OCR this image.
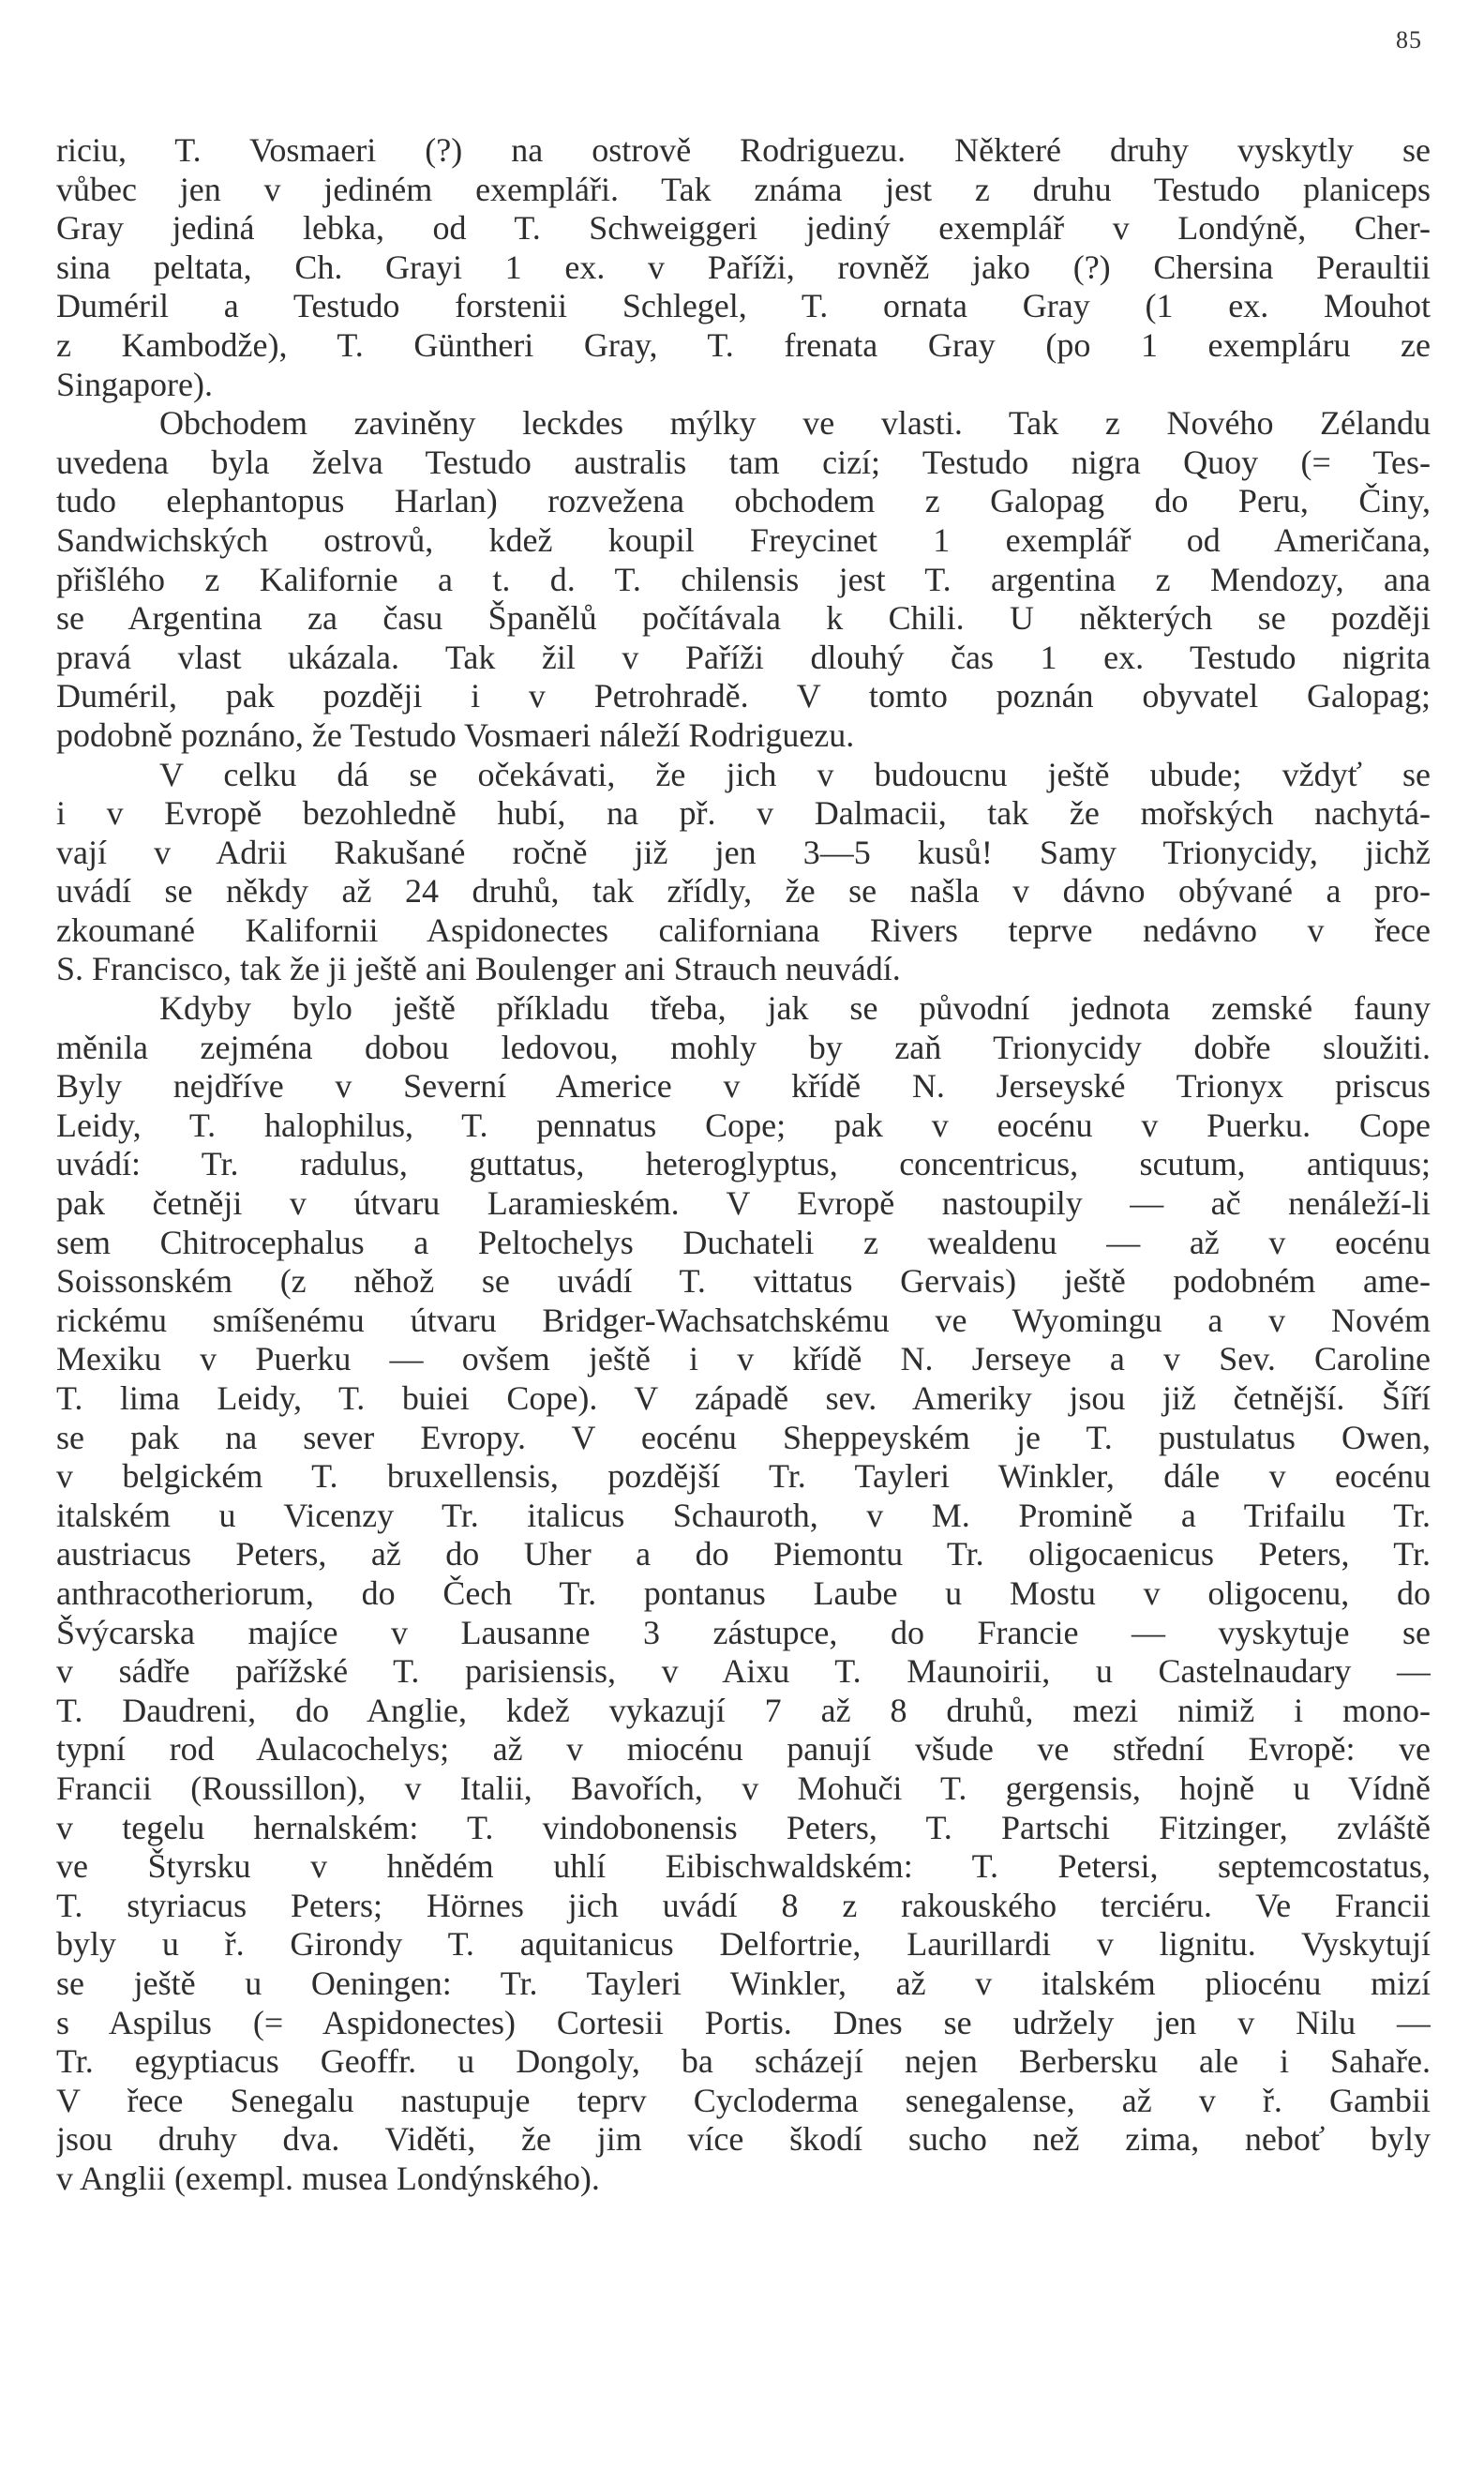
85
riciu, T. Vosmaeri (?) na ostrově Rodriguezu. Některé druhy vyskytly se
vůbec jen v jediném exempláři. Tak známa jest z druhu Testudo planiceps
Gray jediná lebka, od T. Schweiggeri jediný exemplář v Londýně, Cher-
sina peltata, Ch. Grayi 1 ex. v Paříži, rovněž jako (?) Chersina Peraultii
Duméril a Testudo forstenii Schlegel, T. ornata Gray (1 ex. Mouhot
z Kambodže), T. Güntheri Gray, T. frenata Gray (po 1 exempláru ze
Singapore).
Obchodem zaviněny leckdes mýlky ve vlasti. Tak z Nového Zélandu
uvedena byla želva Testudo australis tam cizí; Testudo nigra Quoy (= Tes-
tudo elephantopus Harlan) rozvežena obchodem z Galopag do Peru, Činy,
Sandwichských ostrovů, kdež koupil Freycinet 1 exemplář od Američana,
přišlého z Kalifornie a t. d. T. chilensis jest T. argentina z Mendozy, ana
se Argentina za času Španělů počítávala k Chili. U některých se později
pravá vlast ukázala. Tak žil v Paříži dlouhý čas 1 ex. Testudo nigrita
Duméril, pak později i v Petrohradě. V tomto poznán obyvatel Galopag;
podobně poznáno, že Testudo Vosmaeri náleží Rodriguezu.
V celku dá se očekávati, že jich v budoucnu ještě ubude; vždyť se
i v Evropě bezohledně hubí, na př. v Dalmacii, tak že mořských nachytá-
vají v Adrii Rakušané ročně již jen 3—5 kusů! Samy Trionycidy, jichž
uvádí se někdy až 24 druhů, tak zřídly, že se našla v dávno obývané a pro-
zkoumané Kalifornii Aspidonectes californiana Rivers teprve nedávno v řece
S. Francisco, tak že ji ještě ani Boulenger ani Strauch neuvádí.
Kdyby bylo ještě příkladu třeba, jak se původní jednota zemské fauny
měnila zejména dobou ledovou, mohly by zaň Trionycidy dobře sloužiti.
Byly nejdříve v Severní Americe v křídě N. Jerseyské Trionyx priscus
Leidy, T. halophilus, T. pennatus Cope; pak v eocénu v Puerku. Cope
uvádí: Tr. radulus, guttatus, heteroglyptus, concentricus, scutum, antiquus;
pak četněji v útvaru Laramieském. V Evropě nastoupily — ač nenáleží-li
sem Chitrocephalus a Peltochelys Duchateli z wealdenu — až v eocénu
Soissonském (z něhož se uvádí T. vittatus Gervais) ještě podobném ame-
rickému smíšenému útvaru Bridger-Wachsatchskému ve Wyomingu a v Novém
Mexiku v Puerku — ovšem ještě i v křídě N. Jerseye a v Sev. Caroline
T. lima Leidy, T. buiei Cope). V západě sev. Ameriky jsou již četnější. Šíří
se pak na sever Evropy. V eocénu Sheppeyském je T. pustulatus Owen,
v belgickém T. bruxellensis, pozdější Tr. Tayleri Winkler, dále v eocénu
italském u Vicenzy Tr. italicus Schauroth, v M. Promině a Trifailu Tr.
austriacus Peters, až do Uher a do Piemontu Tr. oligocaenicus Peters, Tr.
anthracotheriorum, do Čech Tr. pontanus Laube u Mostu v oligocenu, do
Švýcarska majíce v Lausanne 3 zástupce, do Francie — vyskytuje se
v sádře pařížské T. parisiensis, v Aixu T. Maunoirii, u Castelnaudary —
T. Daudreni, do Anglie, kdež vykazují 7 až 8 druhů, mezi nimiž i mono-
typní rod Aulacochelys; až v miocénu panují všude ve střední Evropě: ve
Francii (Roussillon), v Italii, Bavořích, v Mohuči T. gergensis, hojně u Vídně
v tegelu hernalském: T. vindobonensis Peters, T. Partschi Fitzinger, zvláště
ve Štyrsku v hnědém uhlí Eibischwaldském: T. Petersi, septemcostatus,
T. styriacus Peters; Hörnes jich uvádí 8 z rakouského terciéru. Ve Francii
byly u ř. Girondy T. aquitanicus Delfortrie, Laurillardi v lignitu. Vyskytují
se ještě u Oeningen: Tr. Tayleri Winkler, až v italském pliocénu mizí
s Aspilus (= Aspidonectes) Cortesii Portis. Dnes se udržely jen v Nilu —
Tr. egyptiacus Geoffr. u Dongoly, ba scházejí nejen Berbersku ale i Sahaře.
V řece Senegalu nastupuje teprv Cycloderma senegalense, až v ř. Gambii
jsou druhy dva. Viděti, že jim více škodí sucho než zima, neboť byly
v Anglii (exempl. musea Londýnského).
